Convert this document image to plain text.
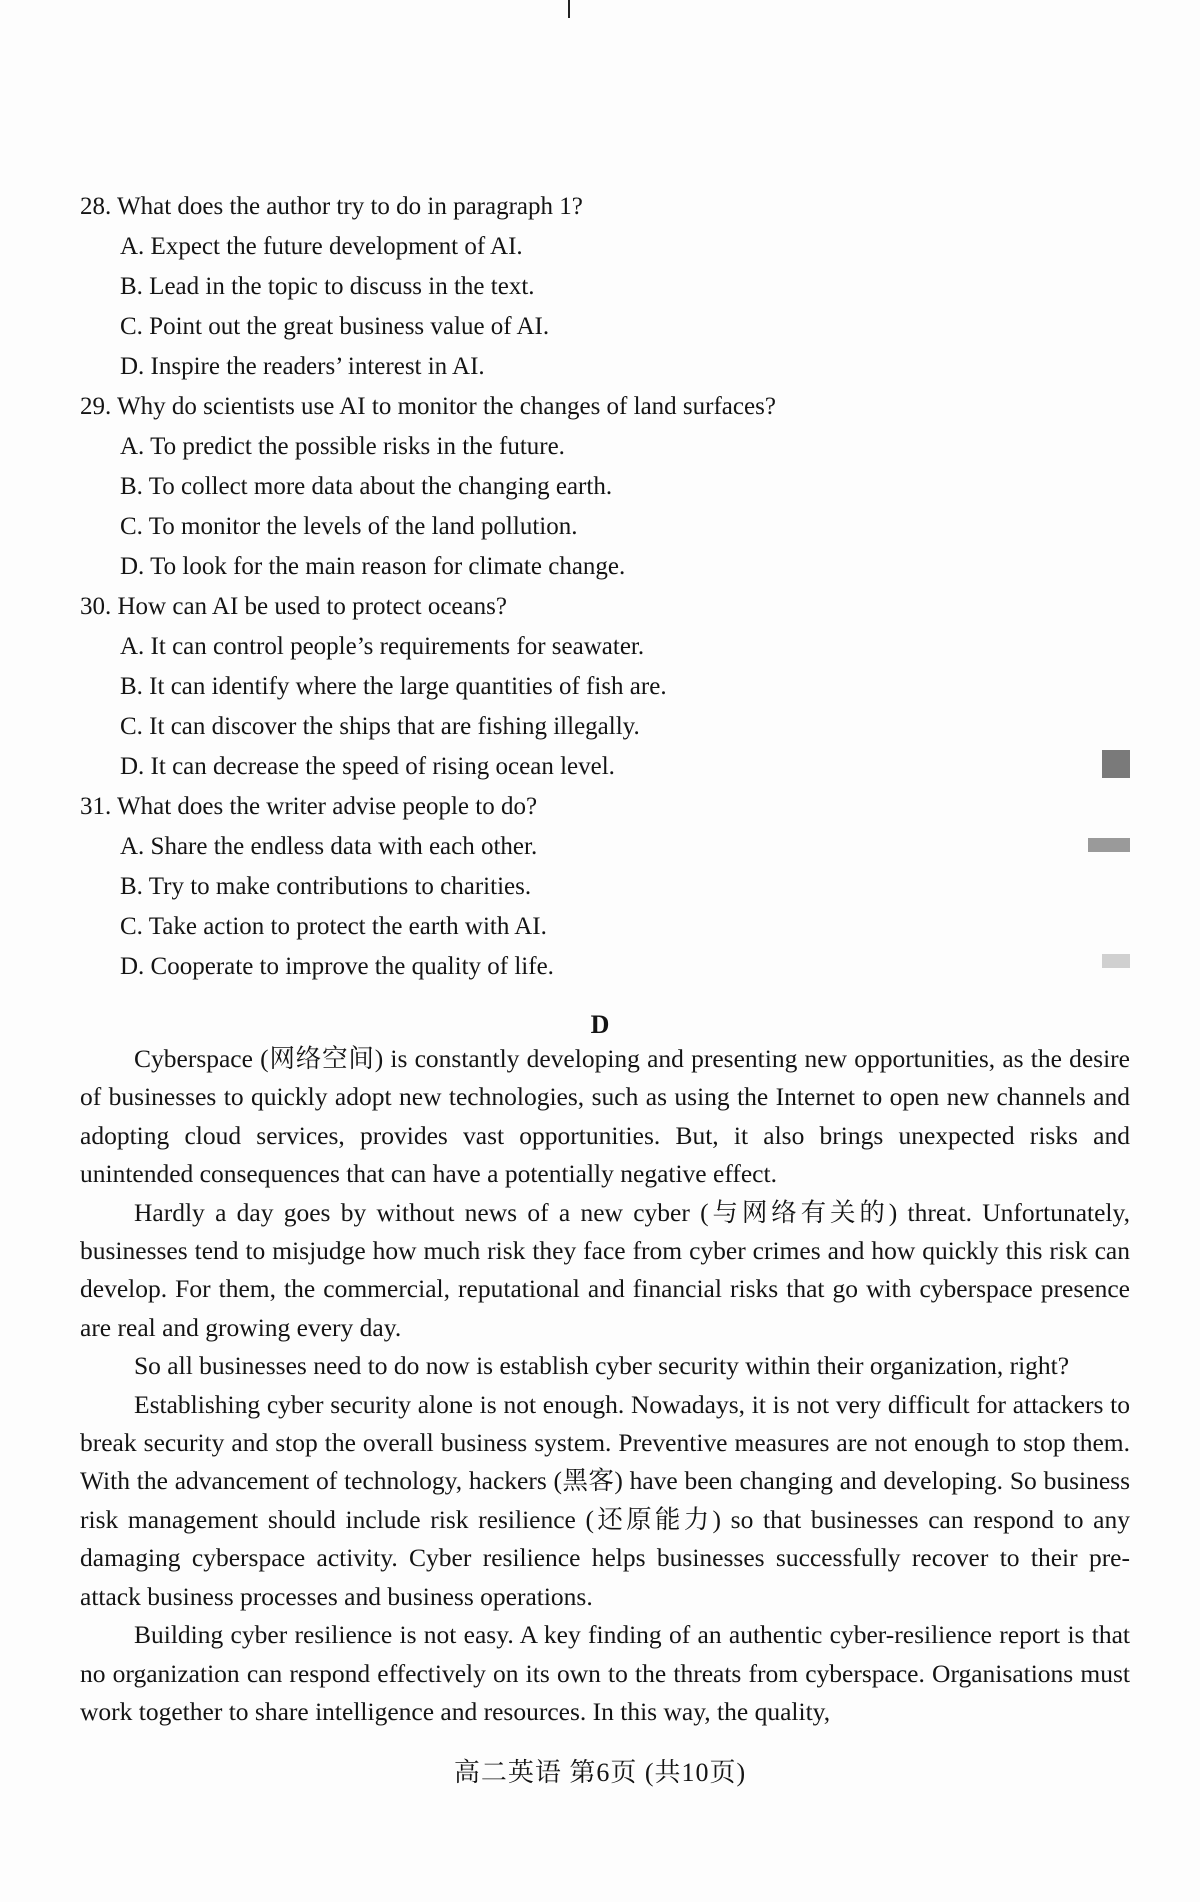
28. What does the author try to do in paragraph 1?
A. Expect the future development of AI.
B. Lead in the topic to discuss in the text.
C. Point out the great business value of AI.
D. Inspire the readers’ interest in AI.
29. Why do scientists use AI to monitor the changes of land surfaces?
A. To predict the possible risks in the future.
B. To collect more data about the changing earth.
C. To monitor the levels of the land pollution.
D. To look for the main reason for climate change.
30. How can AI be used to protect oceans?
A. It can control people’s requirements for seawater.
B. It can identify where the large quantities of fish are.
C. It can discover the ships that are fishing illegally.
D. It can decrease the speed of rising ocean level.
31. What does the writer advise people to do?
A. Share the endless data with each other.
B. Try to make contributions to charities.
C. Take action to protect the earth with AI.
D. Cooperate to improve the quality of life.
D

Cyberspace (网络空间) is constantly developing and presenting new opportunities, as the desire of businesses to quickly adopt new technologies, such as using the Internet to open new channels and adopting cloud services, provides vast opportunities. But, it also brings unexpected risks and unintended consequences that can have a potentially negative effect.

Hardly a day goes by without news of a new cyber (与网络有关的) threat. Unfortunately, businesses tend to misjudge how much risk they face from cyber crimes and how quickly this risk can develop. For them, the commercial, reputational and financial risks that go with cyberspace presence are real and growing every day.

So all businesses need to do now is establish cyber security within their organization, right?

Establishing cyber security alone is not enough. Nowadays, it is not very difficult for attackers to break security and stop the overall business system. Preventive measures are not enough to stop them. With the advancement of technology, hackers (黑客) have been changing and developing. So business risk management should include risk resilience (还原能力) so that businesses can respond to any damaging cyberspace activity. Cyber resilience helps businesses successfully recover to their pre-attack business processes and business operations.

Building cyber resilience is not easy. A key finding of an authentic cyber-resilience report is that no organization can respond effectively on its own to the threats from cyberspace. Organisations must work together to share intelligence and resources. In this way, the quality,

高二英语 第6页 (共10页)
